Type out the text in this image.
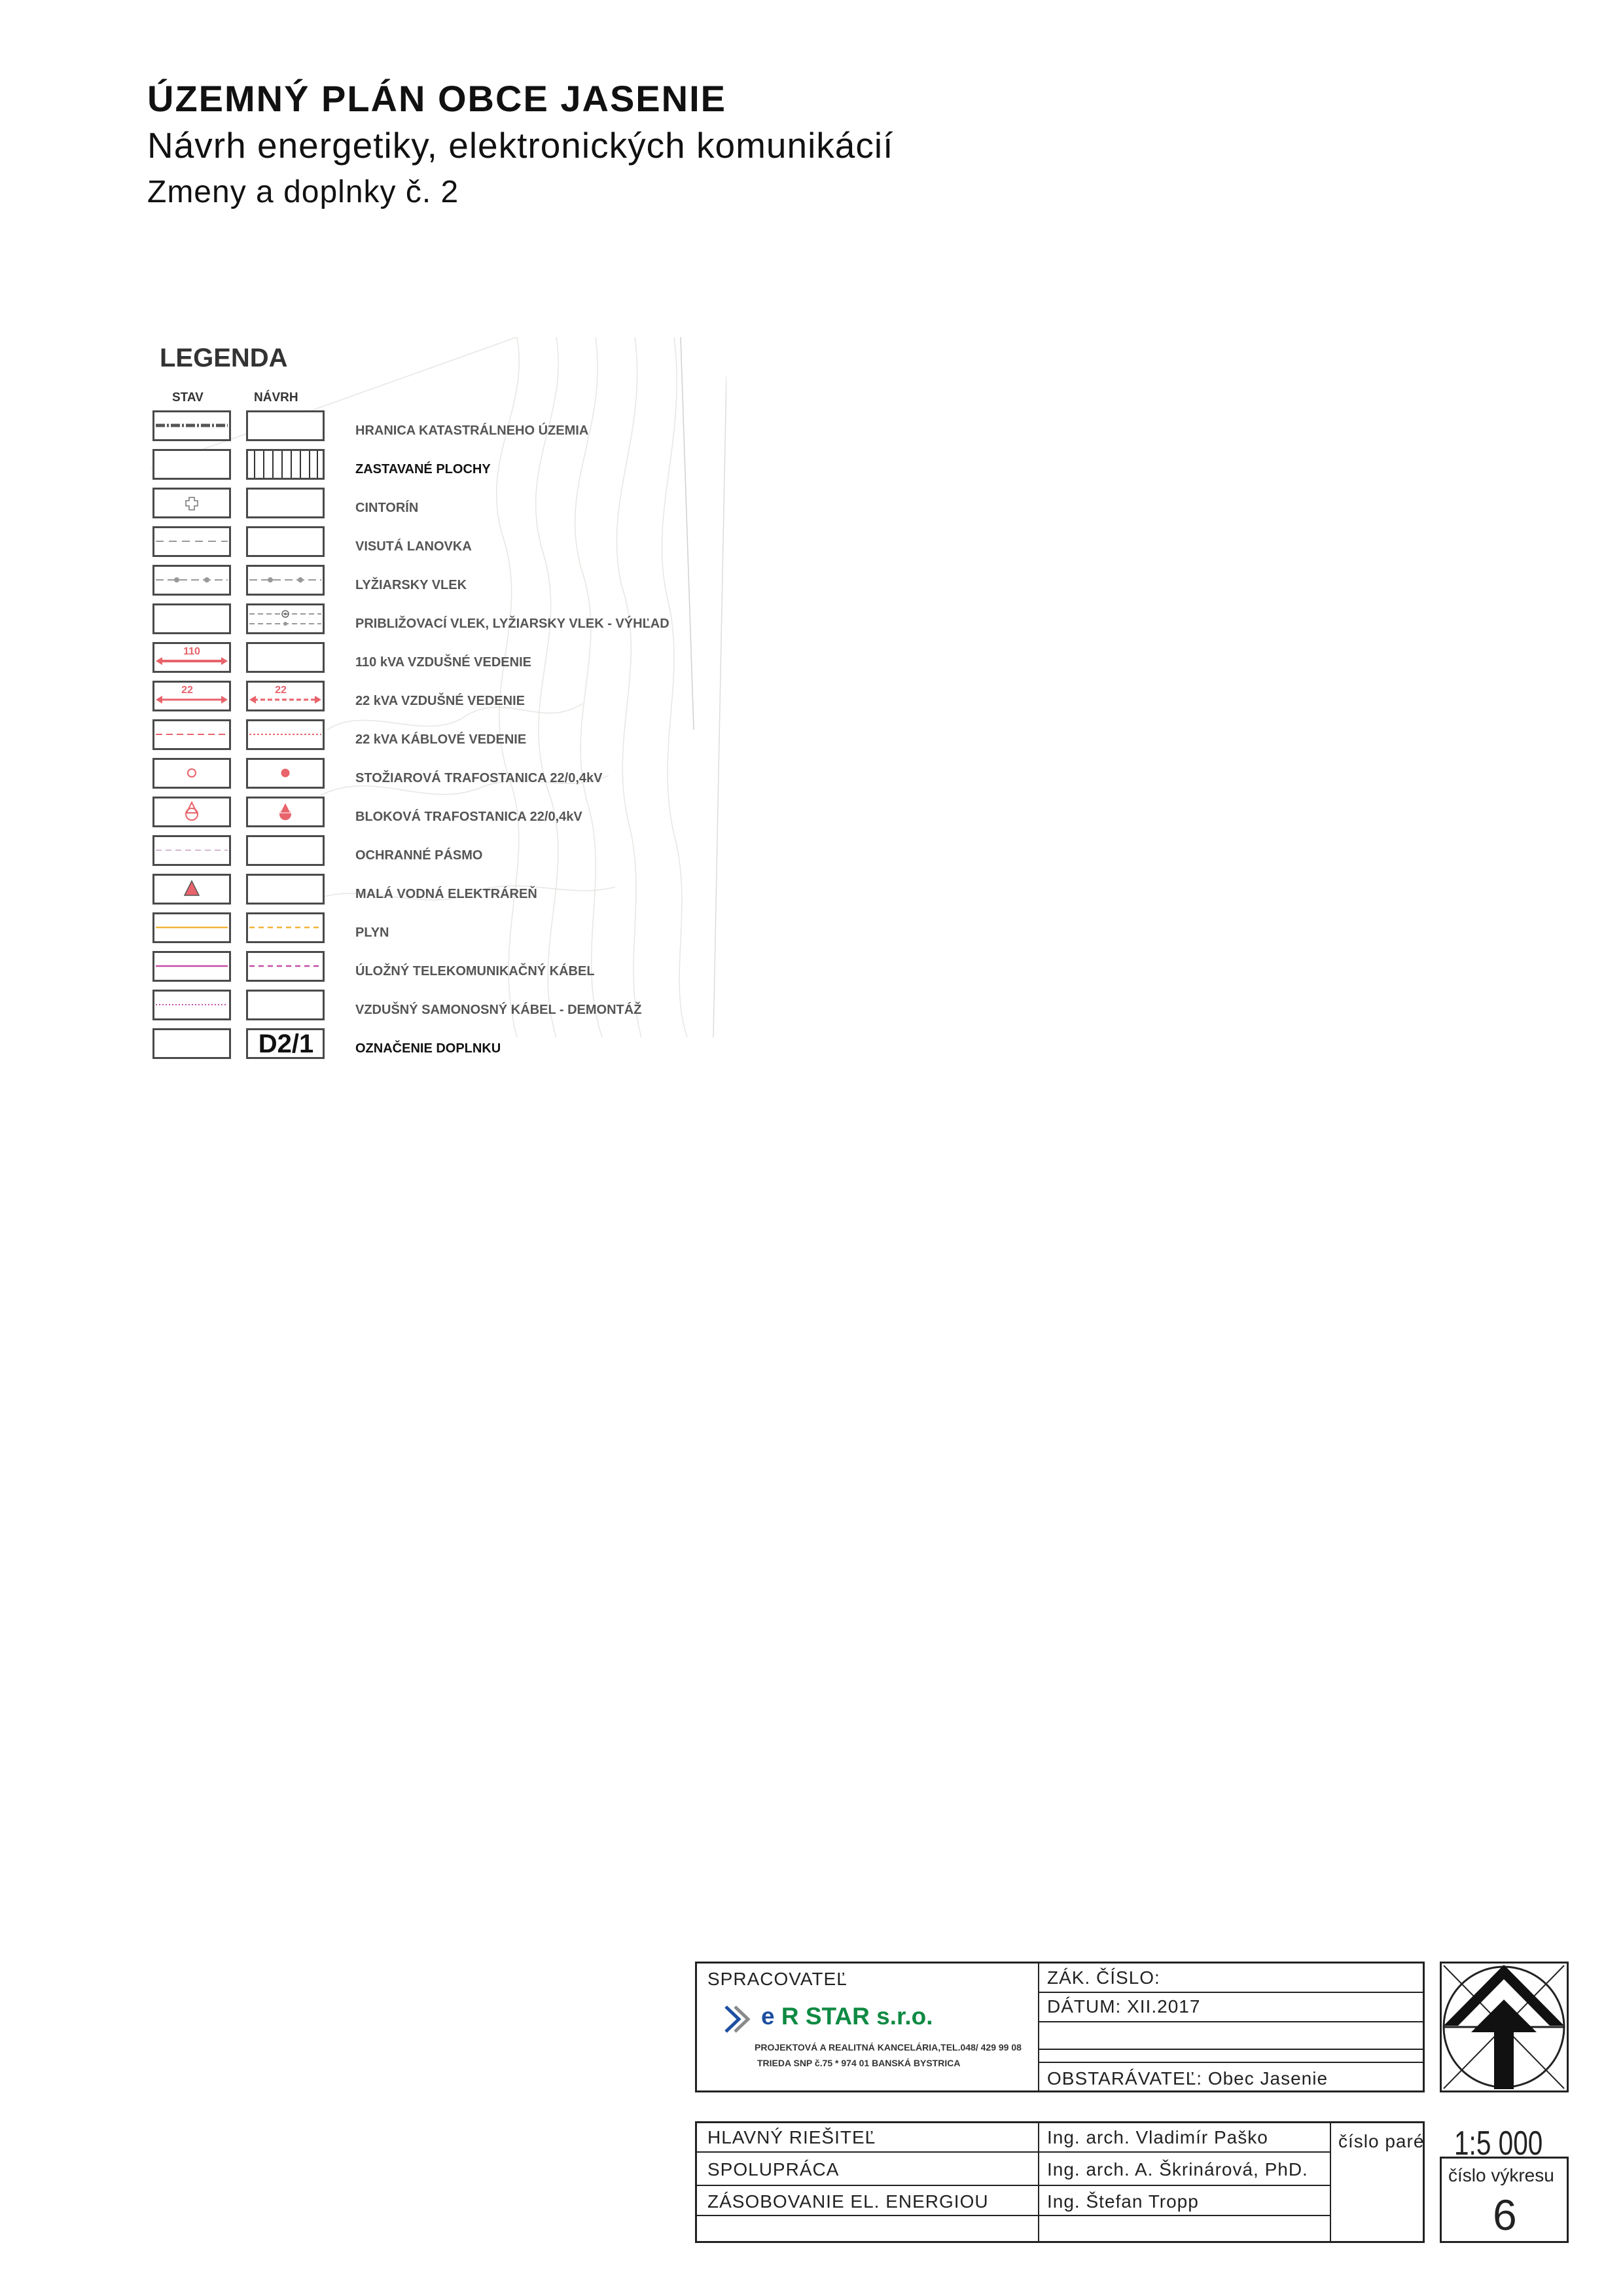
ÚZEMNÝ PLÁN OBCE JASENIE
Návrh energetiky, elektronických komunikácií
Zmeny a doplnky č. 2
LEGENDA
STAV	NÁVRH
HRANICA KATASTRÁLNEHO ÚZEMIA
ZASTAVANÉ PLOCHY
CINTORÍN
VISUTÁ LANOVKA
LYŽIARSKY VLEK
PRIBLIŽOVACÍ VLEK, LYŽIARSKY VLEK - VÝHĽAD
110
110 kVA VZDUŠNÉ VEDENIE
22	22
22 kVA VZDUŠNÉ VEDENIE
22 kVA KÁBLOVÉ VEDENIE
STOŽIAROVÁ TRAFOSTANICA 22/0,4kV
BLOKOVÁ TRAFOSTANICA 22/0,4kV
OCHRANNÉ PÁSMO
MALÁ VODNÁ ELEKTRÁREŇ
PLYN
ÚLOŽNÝ TELEKOMUNIKAČNÝ KÁBEL
VZDUŠNÝ SAMONOSNÝ KÁBEL - DEMONTÁŽ
D2/1	OZNAČENIE DOPLNKU
SPRACOVATEĽ
e R STAR s.r.o.
PROJEKTOVÁ A REALITNÁ KANCELÁRIA,TEL.048/ 429 99 08
TRIEDA SNP č.75 * 974 01 BANSKÁ BYSTRICA
ZÁK. ČÍSLO:
DÁTUM: XII.2017
OBSTARÁVATEĽ: Obec Jasenie
HLAVNÝ RIEŠITEĽ	Ing. arch. Vladimír Paško
SPOLUPRÁCA	Ing. arch. A. Škrinárová, PhD.
ZÁSOBOVANIE EL. ENERGIOU	Ing. Štefan Tropp
číslo paré 1:5 000
číslo výkresu
6
